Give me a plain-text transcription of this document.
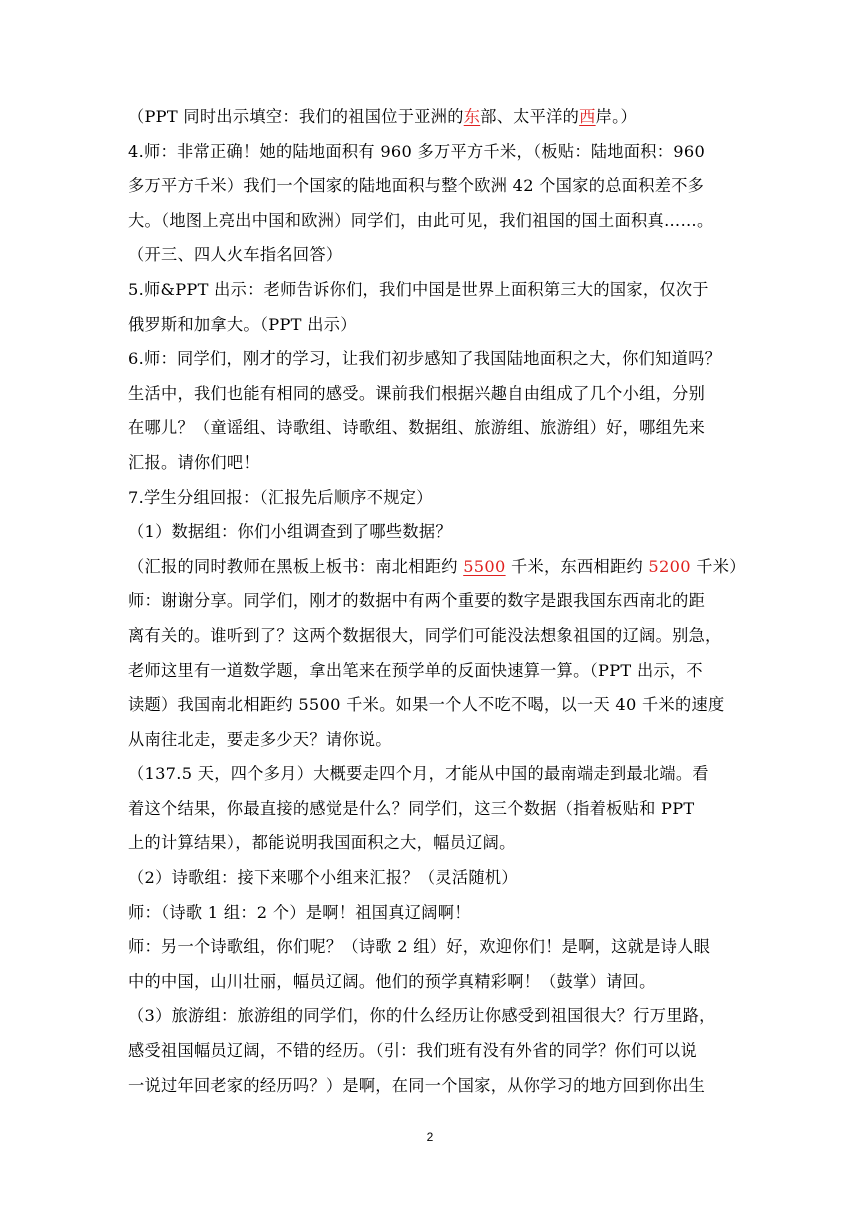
（PPT 同时出示填空：我们的祖国位于亚洲的东部、太平洋的西岸。）
4.师：非常正确！她的陆地面积有 960 多万平方千米，（板贴：陆地面积：960
多万平方千米）我们一个国家的陆地面积与整个欧洲 42 个国家的总面积差不多
大。（地图上亮出中国和欧洲）同学们，由此可见，我们祖国的国土面积真……。
（开三、四人火车指名回答）
5.师&PPT 出示：老师告诉你们，我们中国是世界上面积第三大的国家，仅次于
俄罗斯和加拿大。（PPT 出示）
6.师：同学们，刚才的学习，让我们初步感知了我国陆地面积之大，你们知道吗？
生活中，我们也能有相同的感受。课前我们根据兴趣自由组成了几个小组，分别
在哪儿？（童谣组、诗歌组、诗歌组、数据组、旅游组、旅游组）好，哪组先来
汇报。请你们吧！
7.学生分组回报：（汇报先后顺序不规定）
（1）数据组：你们小组调查到了哪些数据？
（汇报的同时教师在黑板上板书：南北相距约 5500 千米，东西相距约 5200 千米）
师：谢谢分享。同学们，刚才的数据中有两个重要的数字是跟我国东西南北的距
离有关的。谁听到了？这两个数据很大，同学们可能没法想象祖国的辽阔。别急，
老师这里有一道数学题，拿出笔来在预学单的反面快速算一算。（PPT 出示，不
读题）我国南北相距约 5500 千米。如果一个人不吃不喝，以一天 40 千米的速度
从南往北走，要走多少天？请你说。
（137.5 天，四个多月）大概要走四个月，才能从中国的最南端走到最北端。看
着这个结果，你最直接的感觉是什么？同学们，这三个数据（指着板贴和 PPT
上的计算结果），都能说明我国面积之大，幅员辽阔。
（2）诗歌组：接下来哪个小组来汇报？（灵活随机）
师：（诗歌 1 组：2 个）是啊！祖国真辽阔啊！
师：另一个诗歌组，你们呢？（诗歌 2 组）好，欢迎你们！是啊，这就是诗人眼
中的中国，山川壮丽，幅员辽阔。他们的预学真精彩啊！（鼓掌）请回。
（3）旅游组：旅游组的同学们，你的什么经历让你感受到祖国很大？行万里路，
感受祖国幅员辽阔，不错的经历。（引：我们班有没有外省的同学？你们可以说
一说过年回老家的经历吗？）是啊，在同一个国家，从你学习的地方回到你出生
2
